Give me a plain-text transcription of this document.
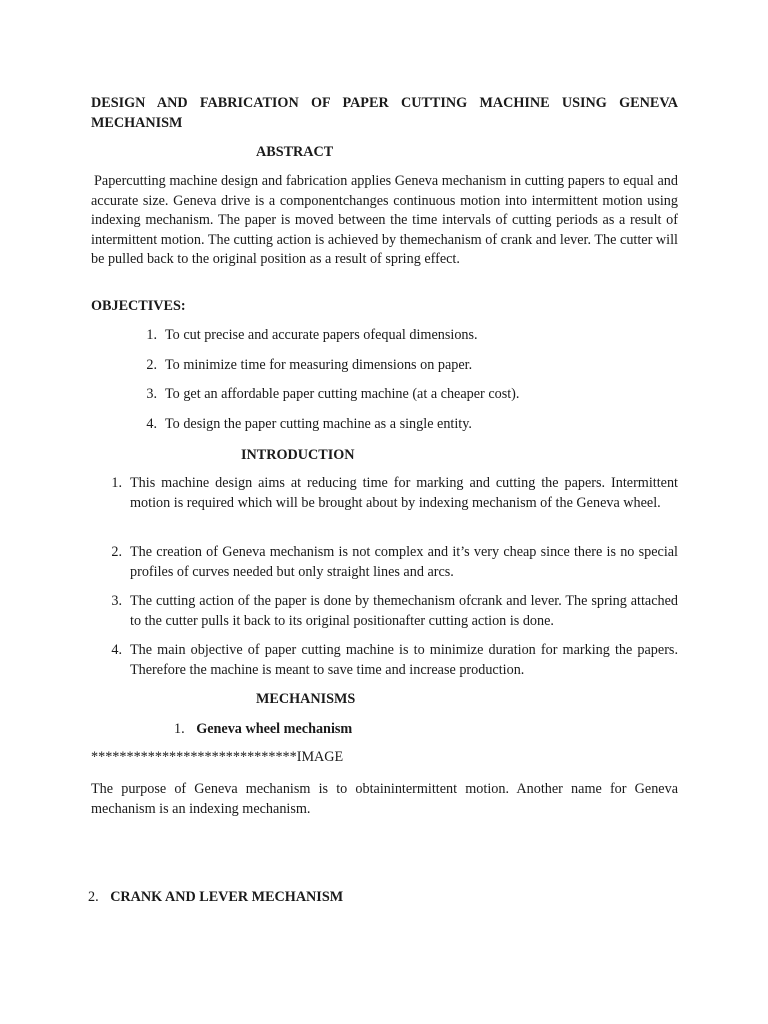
DESIGN AND FABRICATION OF PAPER CUTTING MACHINE USING GENEVA
MECHANISM
ABSTRACT
Papercutting machine design and fabrication applies Geneva mechanism in cutting papers to equal and accurate size. Geneva drive is a componentchanges continuous motion into intermittent motion using indexing mechanism. The paper is moved between the time intervals of cutting periods as a result of intermittent motion. The cutting action is achieved by themechanism of crank and lever. The cutter will be pulled back to the original position as a result of spring effect.
OBJECTIVES:
1. To cut precise and accurate papers ofequal dimensions.
2. To minimize time for measuring dimensions on paper.
3. To get an affordable paper cutting machine (at a cheaper cost).
4. To design the paper cutting machine as a single entity.
INTRODUCTION
1. This machine design aims at reducing time for marking and cutting the papers. Intermittent motion is required which will be brought about by indexing mechanism of the Geneva wheel.
2. The creation of Geneva mechanism is not complex and it’s very cheap since there is no special profiles of curves needed but only straight lines and arcs.
3. The cutting action of the paper is done by themechanism ofcrank and lever. The spring attached to the cutter pulls it back to its original positionafter cutting action is done.
4. The main objective of paper cutting machine is to minimize duration for marking the papers. Therefore the machine is meant to save time and increase production.
MECHANISMS
1. Geneva wheel mechanism
*****************************IMAGE
The purpose of Geneva mechanism is to obtainintermittent motion. Another name for Geneva mechanism is an indexing mechanism.
2. CRANK AND LEVER MECHANISM
